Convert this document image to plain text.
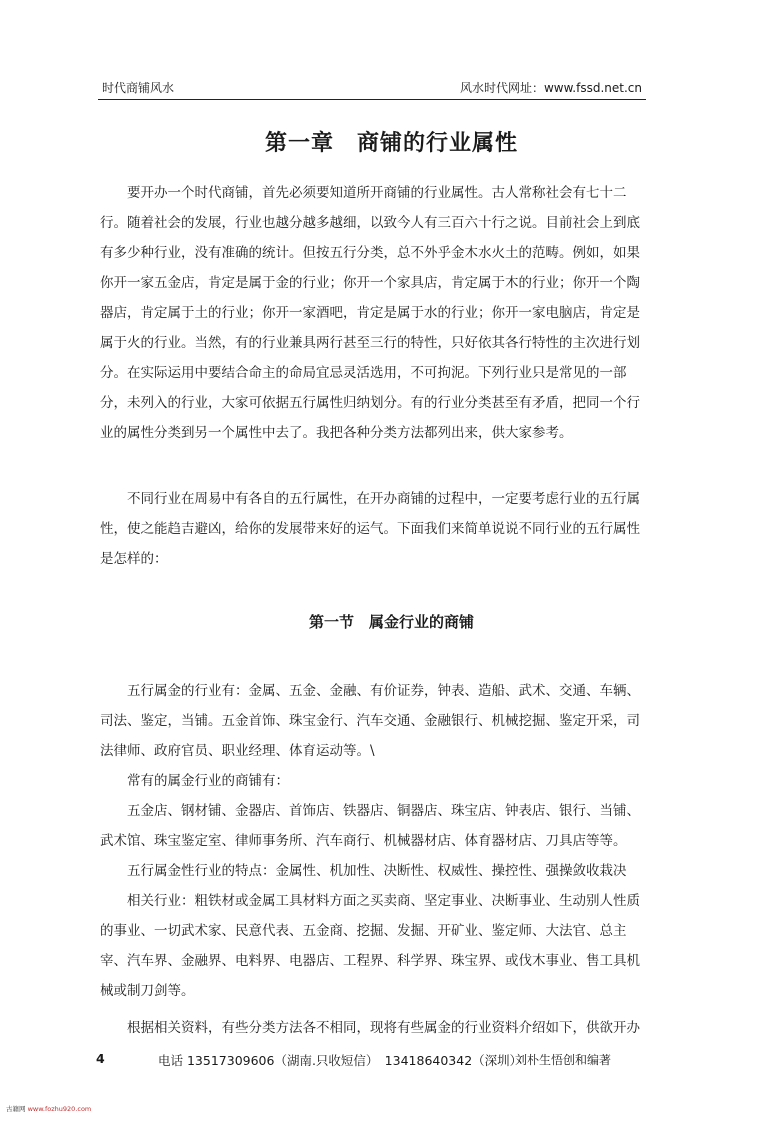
时代商铺风水	风水时代网址：www.fssd.net.cn
第一章　商铺的行业属性

　　要开办一个时代商铺，首先必须要知道所开商铺的行业属性。古人常称社会有七十二行。随着社会的发展，行业也越分越多越细，以致今人有三百六十行之说。目前社会上到底有多少种行业，没有准确的统计。但按五行分类，总不外乎金木水火土的范畴。例如，如果你开一家五金店，肯定是属于金的行业；你开一个家具店，肯定属于木的行业；你开一个陶器店，肯定属于土的行业；你开一家酒吧，肯定是属于水的行业；你开一家电脑店，肯定是属于火的行业。当然，有的行业兼具两行甚至三行的特性，只好依其各行特性的主次进行划分。在实际运用中要结合命主的命局宜忌灵活选用，不可拘泥。下列行业只是常见的一部分，未列入的行业，大家可依据五行属性归纳划分。有的行业分类甚至有矛盾，把同一个行业的属性分类到另一个属性中去了。我把各种分类方法都列出来，供大家参考。

　　不同行业在周易中有各自的五行属性，在开办商铺的过程中，一定要考虑行业的五行属性，使之能趋吉避凶，给你的发展带来好的运气。下面我们来简单说说不同行业的五行属性是怎样的：

第一节　属金行业的商铺

　　五行属金的行业有：金属、五金、金融、有价证券，钟表、造船、武术、交通、车辆、司法、鉴定，当铺。五金首饰、珠宝金行、汽车交通、金融银行、机械挖掘、鉴定开采，司法律师、政府官员、职业经理、体育运动等。\

　　常有的属金行业的商铺有：

　　五金店、钢材铺、金器店、首饰店、铁器店、铜器店、珠宝店、钟表店、银行、当铺、武术馆、珠宝鉴定室、律师事务所、汽车商行、机械器材店、体育器材店、刀具店等等。

　　五行属金性行业的特点：金属性、机加性、决断性、权威性、操控性、强操敛收栽决

　　相关行业：粗铁材或金属工具材料方面之买卖商、坚定事业、决断事业、生动别人性质的事业、一切武术家、民意代表、五金商、挖掘、发掘、开矿业、鉴定师、大法官、总主宰、汽车界、金融界、电料界、电器店、工程界、科学界、珠宝界、或伐木事业、售工具机械或制刀剑等。

　　根据相关资料，有些分类方法各不相同，现将有些属金的行业资料介绍如下，供欲开办

4	电话 13517309606（湖南.只收短信）　13418640342（深圳）
刘朴生悟创和编著
古籍网 www.fozhu920.com
